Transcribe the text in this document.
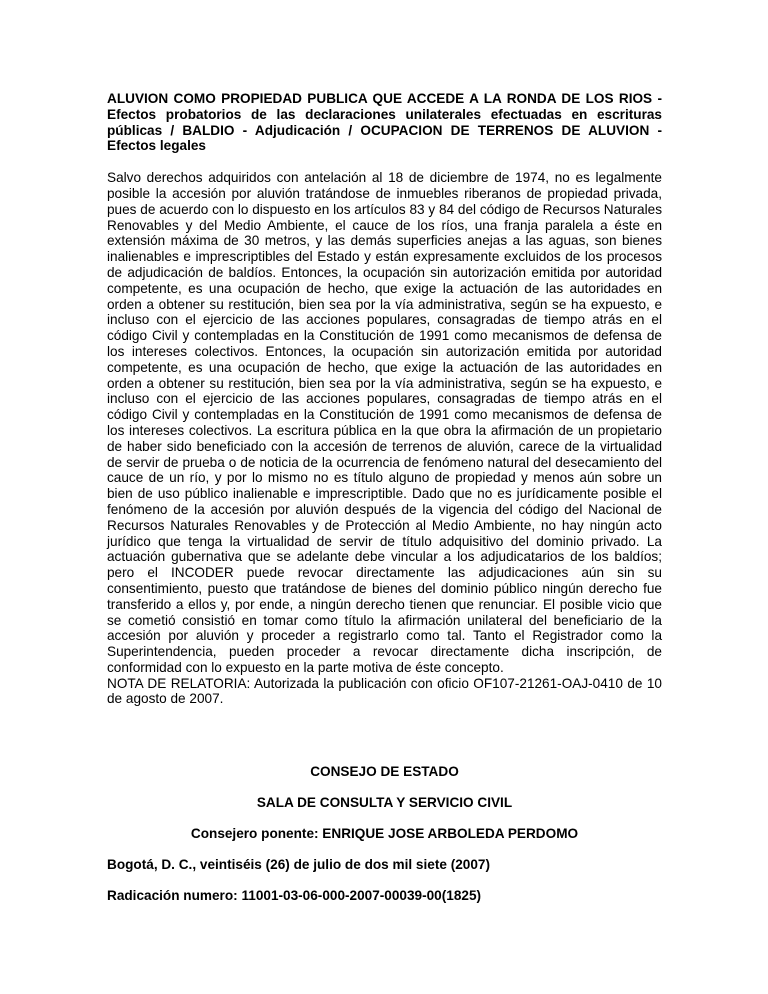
ALUVION COMO PROPIEDAD PUBLICA QUE ACCEDE A LA RONDA DE LOS RIOS - Efectos probatorios de las declaraciones unilaterales efectuadas en escrituras públicas / BALDIO - Adjudicación / OCUPACION DE TERRENOS DE ALUVION - Efectos legales

Salvo derechos adquiridos con antelación al 18 de diciembre de 1974, no es legalmente posible la accesión por aluvión tratándose de inmuebles riberanos de propiedad privada, pues de acuerdo con lo dispuesto en los artículos 83 y 84 del código de Recursos Naturales Renovables y del Medio Ambiente, el cauce de los ríos, una franja paralela a éste en extensión máxima de 30 metros, y las demás superficies anejas a las aguas, son bienes inalienables e imprescriptibles del Estado y están expresamente excluidos de los procesos de adjudicación de baldíos. Entonces, la ocupación sin autorización emitida por autoridad competente, es una ocupación de hecho, que exige la actuación de las autoridades en orden a obtener su restitución, bien sea por la vía administrativa, según se ha expuesto, e incluso con el ejercicio de las acciones populares, consagradas de tiempo atrás en el código Civil y contempladas en la Constitución de 1991 como mecanismos de defensa de los intereses colectivos. Entonces, la ocupación sin autorización emitida por autoridad competente, es una ocupación de hecho, que exige la actuación de las autoridades en orden a obtener su restitución, bien sea por la vía administrativa, según se ha expuesto, e incluso con el ejercicio de las acciones populares, consagradas de tiempo atrás en el código Civil y contempladas en la Constitución de 1991 como mecanismos de defensa de los intereses colectivos. La escritura pública en la que obra la afirmación de un propietario de haber sido beneficiado con la accesión de terrenos de aluvión, carece de la virtualidad de servir de prueba o de noticia de la ocurrencia de fenómeno natural del desecamiento del cauce de un río, y por lo mismo no es título alguno de propiedad y menos aún sobre un bien de uso público inalienable e imprescriptible. Dado que no es jurídicamente posible el fenómeno de la accesión por aluvión después de la vigencia del código del Nacional de Recursos Naturales Renovables y de Protección al Medio Ambiente, no hay ningún acto jurídico que tenga la virtualidad de servir de título adquisitivo del dominio privado. La actuación gubernativa que se adelante debe vincular a los adjudicatarios de los baldíos; pero el INCODER puede revocar directamente las adjudicaciones aún sin su consentimiento, puesto que tratándose de bienes del dominio público ningún derecho fue transferido a ellos y, por ende, a ningún derecho tienen que renunciar. El posible vicio que se cometió consistió en tomar como título la afirmación unilateral del beneficiario de la accesión por aluvión y proceder a registrarlo como tal. Tanto el Registrador como la Superintendencia, pueden proceder a revocar directamente dicha inscripción, de conformidad con lo expuesto en la parte motiva de éste concepto.

NOTA DE RELATORIA: Autorizada la publicación con oficio OF107-21261-OAJ-0410 de 10 de agosto de 2007.

CONSEJO DE ESTADO

SALA DE CONSULTA Y SERVICIO CIVIL

Consejero ponente: ENRIQUE JOSE ARBOLEDA PERDOMO

Bogotá, D. C., veintiséis (26) de julio de dos mil siete (2007)

Radicación numero: 11001-03-06-000-2007-00039-00(1825)
